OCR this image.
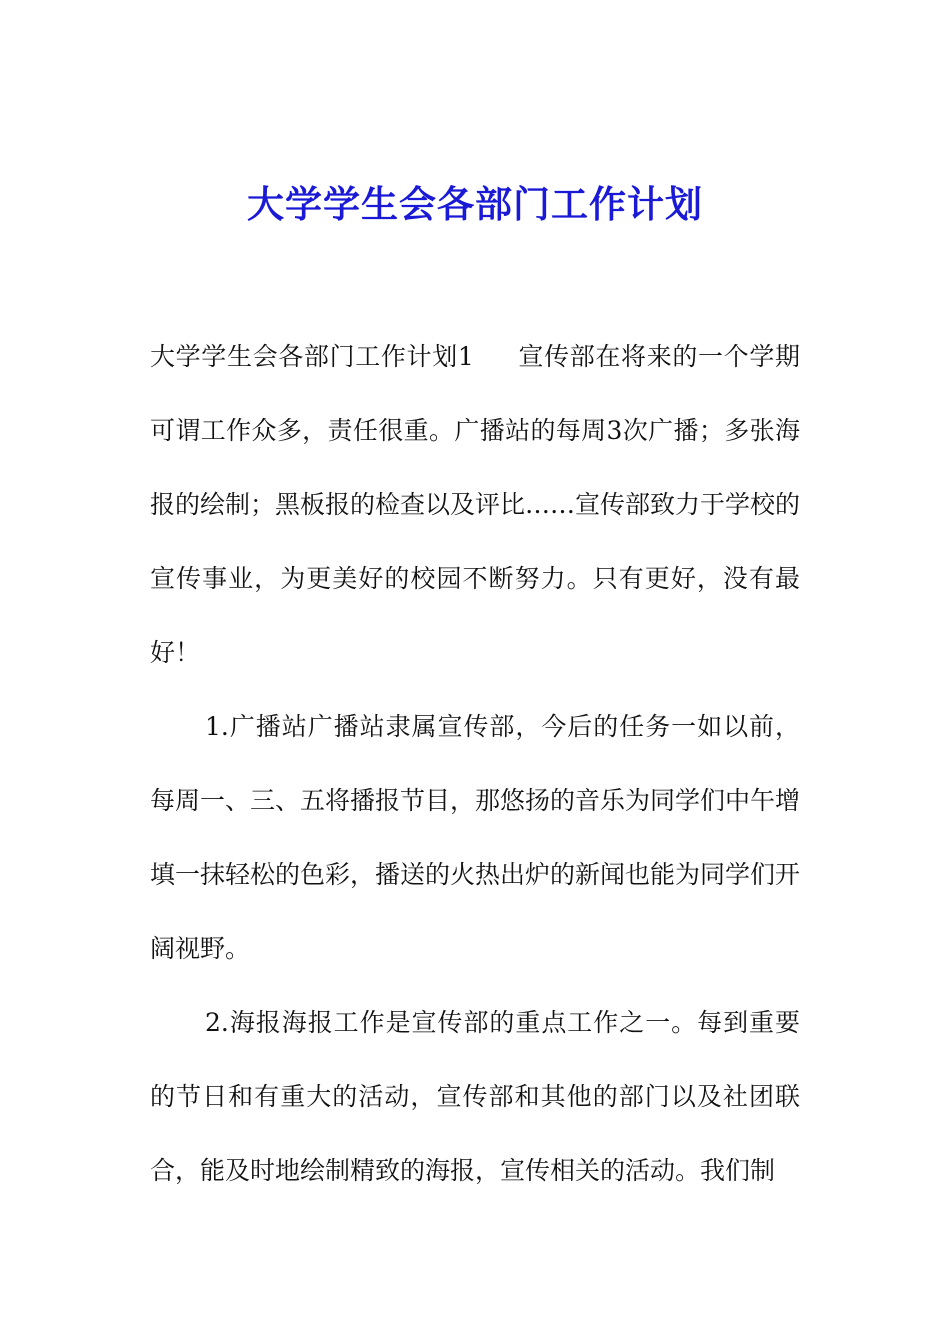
大学学生会各部门工作计划

大学学生会各部门工作计划1 宣传部在将来的一个学期可谓工作众多，责任很重。广播站的每周3次广播；多张海报的绘制；黑板报的检查以及评比……宣传部致力于学校的宣传事业，为更美好的校园不断努力。只有更好，没有最好！

1.广播站广播站隶属宣传部，今后的任务一如以前，每周一、三、五将播报节目，那悠扬的音乐为同学们中午增填一抹轻松的色彩，播送的火热出炉的新闻也能为同学们开阔视野。

2.海报海报工作是宣传部的重点工作之一。每到重要的节日和有重大的活动，宣传部和其他的部门以及社团联合，能及时地绘制精致的海报，宣传相关的活动。我们制
